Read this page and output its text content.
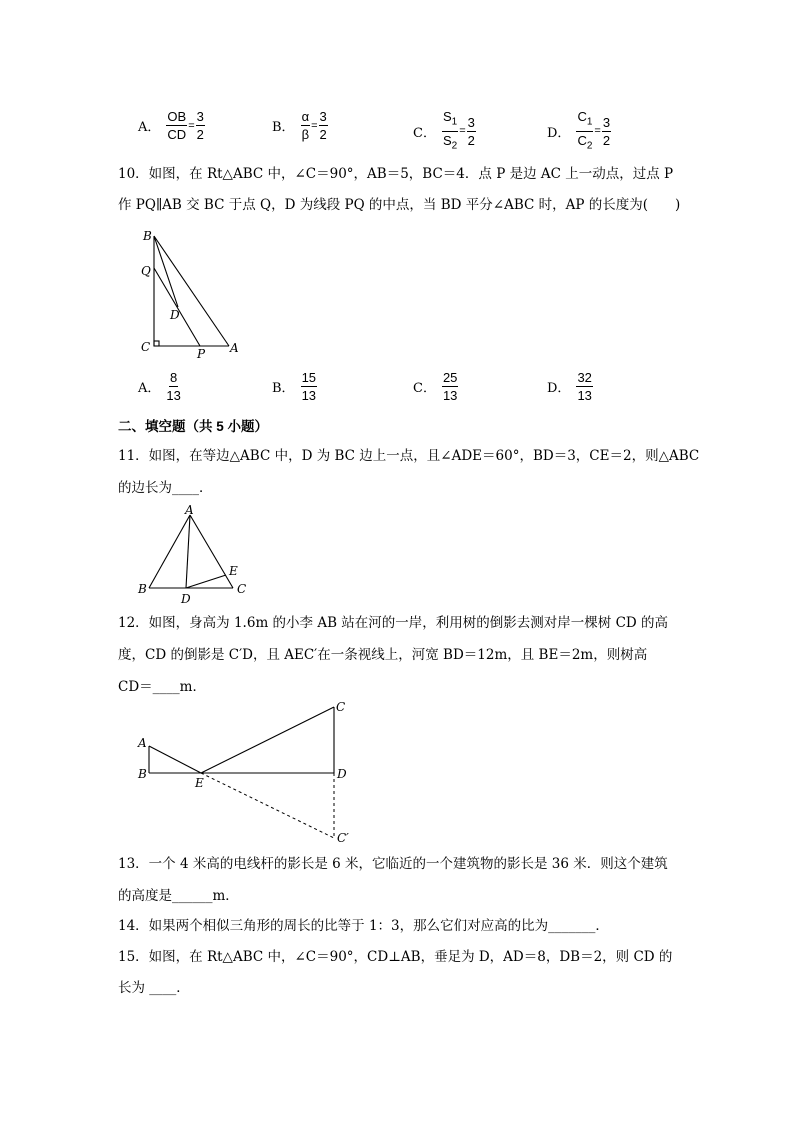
A． $\frac{OB}{CD} = \frac{3}{2}$	B． $\frac{\alpha}{\beta} = \frac{3}{2}$	C． $\frac{S_1}{S_2} = \frac{3}{2}$	D． $\frac{C_1}{C_2} = \frac{3}{2}$
10．如图，在 Rt△ABC 中，∠C＝90°，AB＝5，BC＝4．点 P 是边 AC 上一动点，过点 P
作 PQ∥AB 交 BC 于点 Q，D 为线段 PQ 的中点，当 BD 平分∠ABC 时，AP 的长度为(　　)
B
Q
D
C	P A
A． $\frac{8}{13}$	B． $\frac{15}{13}$	C． $\frac{25}{13}$	D． $\frac{32}{13}$
二、填空题（共 5 小题）
11．如图，在等边△ABC 中，D 为 BC 边上一点，且∠ADE＝60°，BD＝3，CE＝2，则△ABC
的边长为____．
A
B	C
D
E
12．如图，身高为 1.6m 的小李 AB 站在河的一岸，利用树的倒影去测对岸一棵树 CD 的高
度，CD 的倒影是 C′D，且 AEC′在一条视线上，河宽 BD＝12m，且 BE＝2m，则树高
CD＝____m．
A
B
E
C
D
C′
13．一个 4 米高的电线杆的影长是 6 米，它临近的一个建筑物的影长是 36 米．则这个建筑
的高度是______m．
14．如果两个相似三角形的周长的比等于 1：3，那么它们对应高的比为_______．
15．如图，在 Rt△ABC 中，∠C＝90°，CD⊥AB，垂足为 D，AD＝8，DB＝2，则 CD 的
长为 ____．
